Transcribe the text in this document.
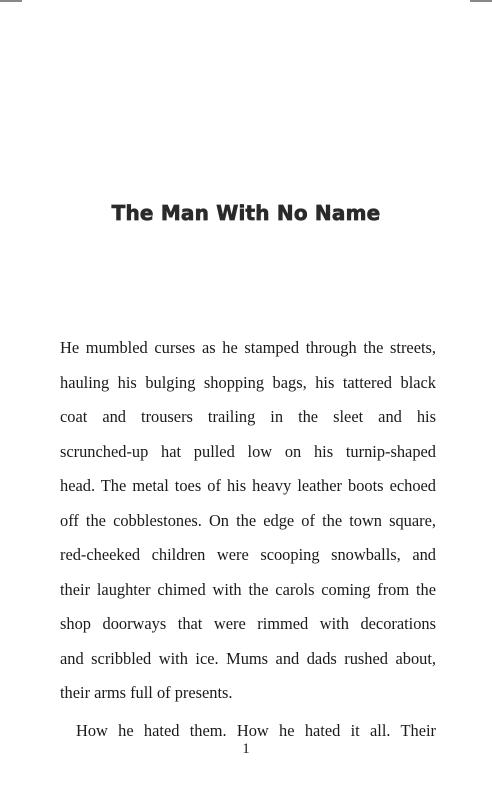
The Man With No Name
He mumbled curses as he stamped through the streets,
hauling his bulging shopping bags, his tattered black
coat and trousers trailing in the sleet and his
scrunched-up hat pulled low on his turnip-shaped
head. The metal toes of his heavy leather boots echoed
off the cobblestones. On the edge of the town square,
red-cheeked children were scooping snowballs, and
their laughter chimed with the carols coming from the
shop doorways that were rimmed with decorations
and scribbled with ice. Mums and dads rushed about,
their arms full of presents.
How he hated them. How he hated it all. Their
1
